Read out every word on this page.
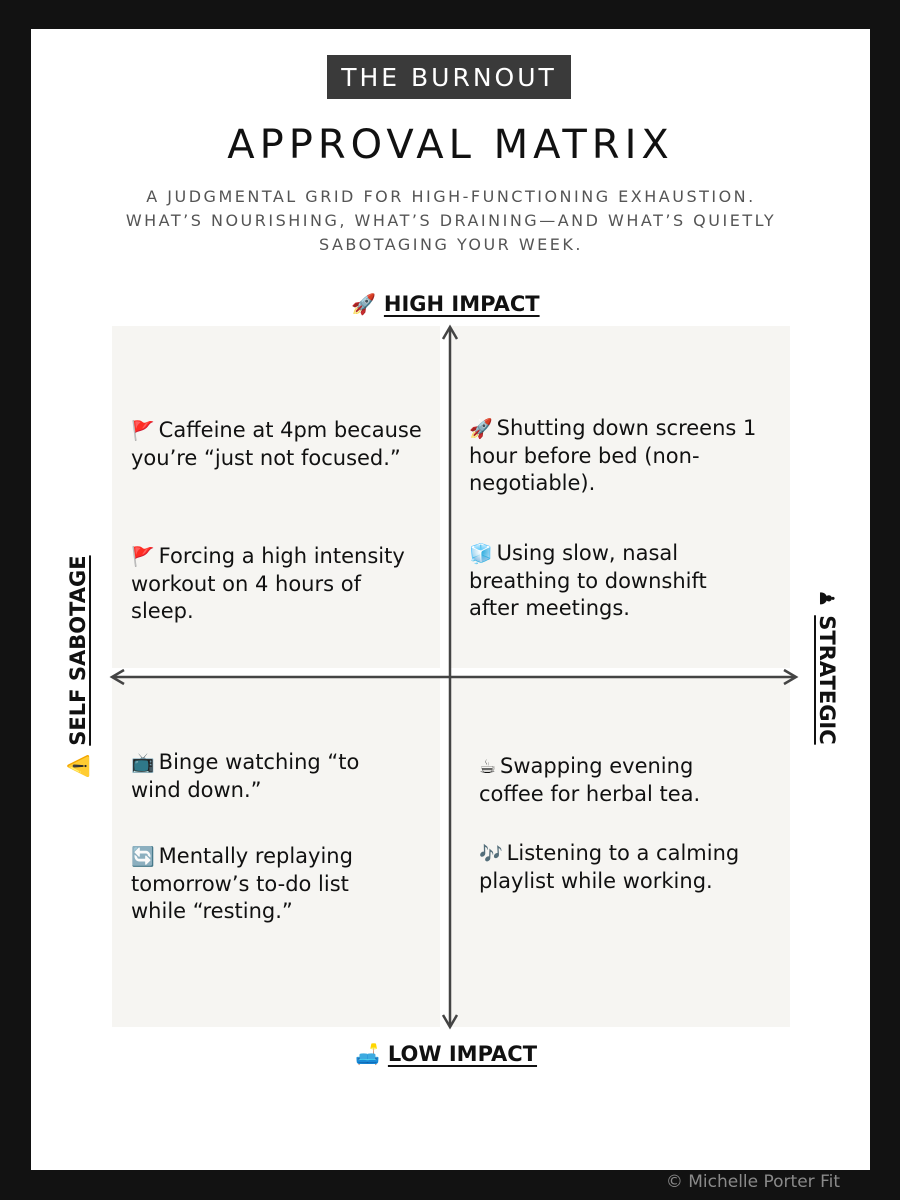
THE BURNOUT
APPROVAL MATRIX
A JUDGMENTAL GRID FOR HIGH-FUNCTIONING EXHAUSTION. WHAT’S NOURISHING, WHAT’S DRAINING—AND WHAT’S QUIETLY SABOTAGING YOUR WEEK.
🚩 Caffeine at 4pm because you’re “just not focused.”
🚩 Forcing a high intensity workout on 4 hours of sleep.
🚀 Shutting down screens 1 hour before bed (non-negotiable).
🧊 Using slow, nasal breathing to downshift after meetings.
📺 Binge watching “to wind down.”
🔄 Mentally replaying tomorrow’s to-do list while “resting.”
☕ Swapping evening coffee for herbal tea.
🎶 Listening to a calming playlist while working.
🚀 HIGH IMPACT
🛋️ LOW IMPACT
⚠️SELF SABOTAGE	♟STRATEGIC
© Michelle Porter Fit
